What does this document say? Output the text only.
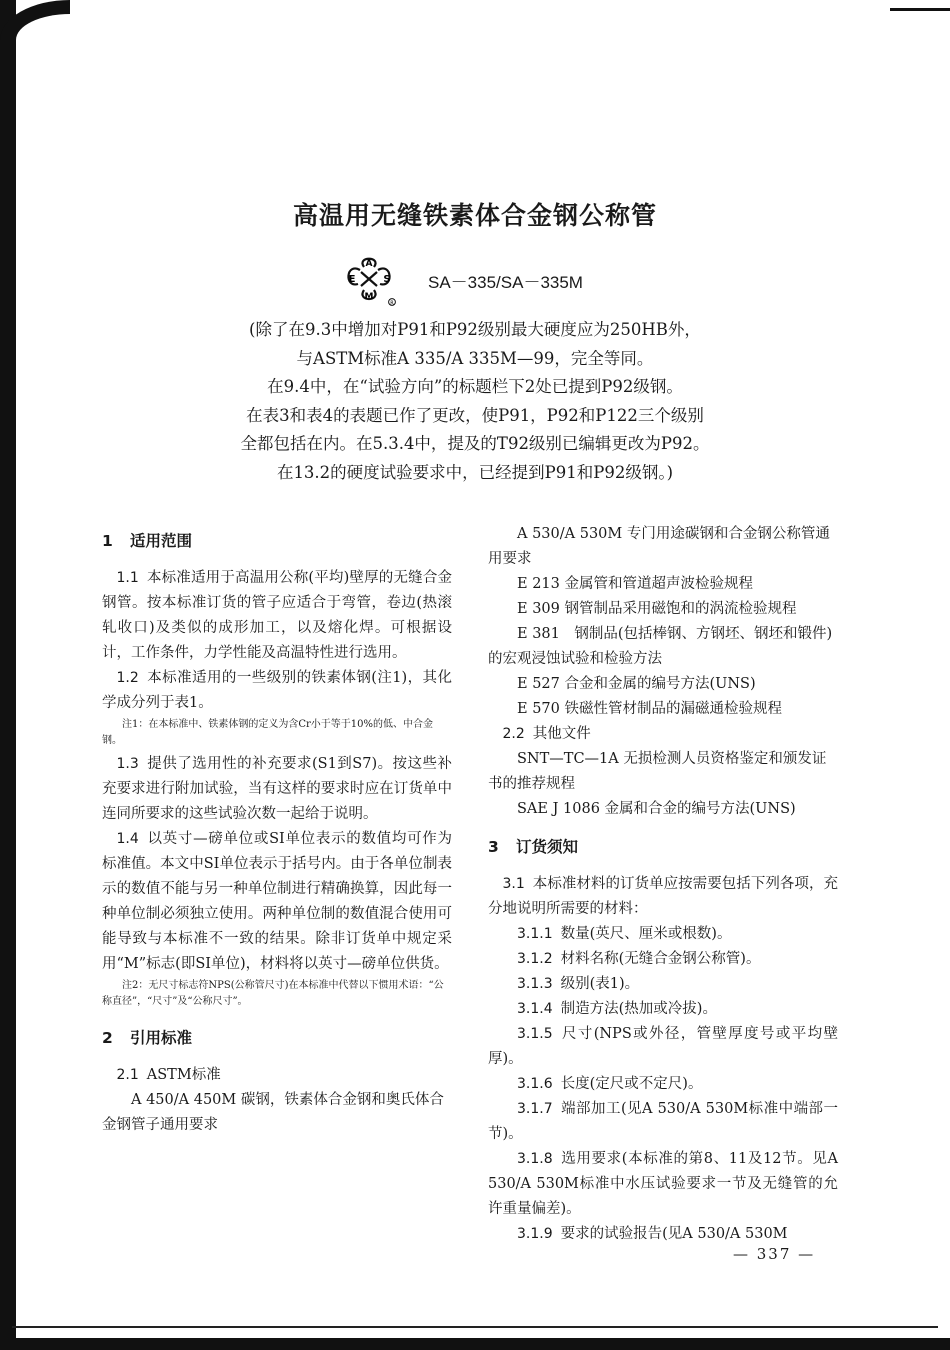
高温用无缝铁素体合金钢公称管
A
E	S
M
R
SA－335/SA－335M
(除了在9.3中增加对P91和P92级别最大硬度应为250HB外，
与ASTM标准A 335/A 335M—99，完全等同。
在9.4中，在“试验方向”的标题栏下2处已提到P92级钢。
在表3和表4的表题已作了更改，使P91，P92和P122三个级别
全都包括在内。在5.3.4中，提及的T92级别已编辑更改为P92。
在13.2的硬度试验要求中，已经提到P91和P92级钢。)
1 适用范围

1.1 本标准适用于高温用公称(平均)壁厚的无缝合金钢管。按本标准订货的管子应适合于弯管，卷边(热滚轧收口)及类似的成形加工，以及熔化焊。可根据设计，工作条件，力学性能及高温特性进行选用。

1.2 本标准适用的一些级别的铁素体钢(注1)，其化学成分列于表1。

注1：在本标准中、铁素体钢的定义为含Cr小于等于10%的低、中合金钢。

1.3 提供了选用性的补充要求(S1到S7)。按这些补充要求进行附加试验，当有这样的要求时应在订货单中连同所要求的这些试验次数一起给于说明。

1.4 以英寸—磅单位或SI单位表示的数值均可作为标准值。本文中SI单位表示于括号内。由于各单位制表示的数值不能与另一种单位制进行精确换算，因此每一种单位制必须独立使用。两种单位制的数值混合使用可能导致与本标准不一致的结果。除非订货单中规定采用“M”标志(即SI单位)，材料将以英寸—磅单位供货。

注2：无尺寸标志符NPS(公称管尺寸)在本标准中代替以下惯用术语：“公称直径”，“尺寸”及“公称尺寸”。

2 引用标准

2.1 ASTM标准

A 450/A 450M 碳钢，铁素体合金钢和奥氏体合金钢管子通用要求

A 530/A 530M 专门用途碳钢和合金钢公称管通用要求

E 213 金属管和管道超声波检验规程

E 309 钢管制品采用磁饱和的涡流检验规程

E 381　钢制品(包括棒钢、方钢坯、钢坯和锻件)的宏观浸蚀试验和检验方法

E 527 合金和金属的编号方法(UNS)

E 570 铁磁性管材制品的漏磁通检验规程

2.2 其他文件

SNT—TC—1A 无损检测人员资格鉴定和颁发证书的推荐规程

SAE J 1086 金属和合金的编号方法(UNS)

3 订货须知

3.1 本标准材料的订货单应按需要包括下列各项，充分地说明所需要的材料：

3.1.1 数量(英尺、厘米或根数)。

3.1.2 材料名称(无缝合金钢公称管)。

3.1.3 级别(表1)。

3.1.4 制造方法(热加或冷拔)。

3.1.5 尺寸(NPS或外径，管壁厚度号或平均壁厚)。

3.1.6 长度(定尺或不定尺)。

3.1.7 端部加工(见A 530/A 530M标准中端部一节)。

3.1.8 选用要求(本标准的第8、11及12节。见A 530/A 530M标准中水压试验要求一节及无缝管的允许重量偏差)。

3.1.9 要求的试验报告(见A 530/A 530M

— 337 —
